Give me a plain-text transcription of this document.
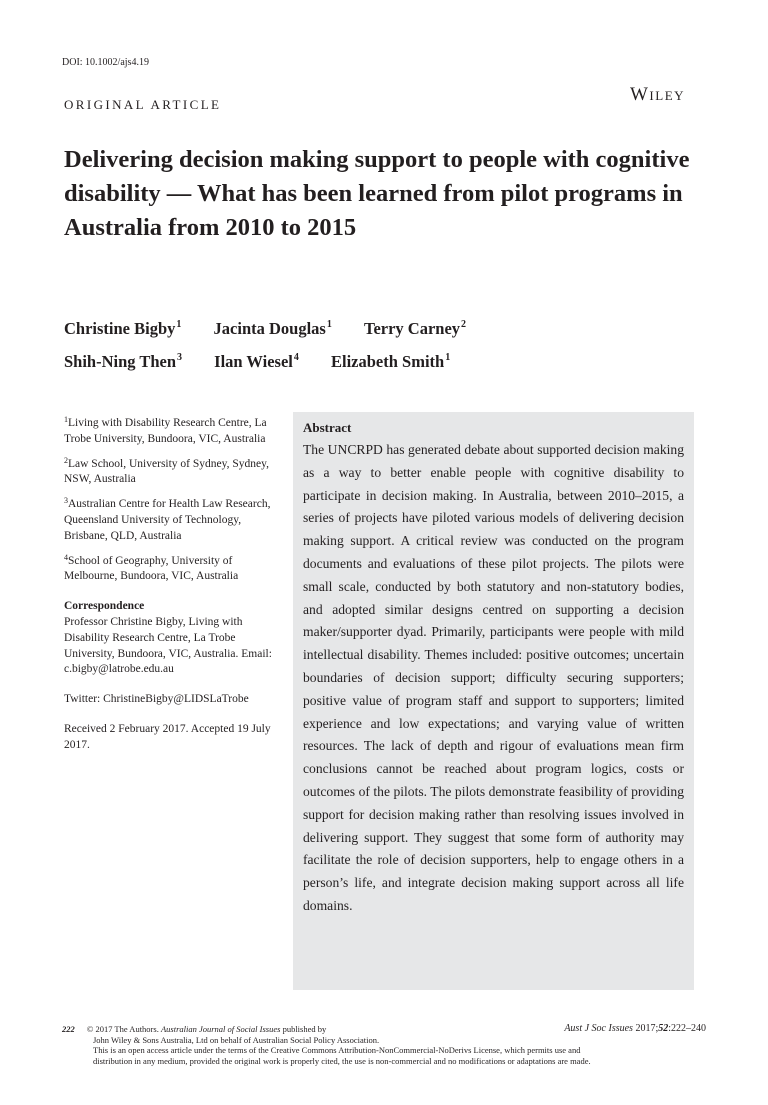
DOI: 10.1002/ajs4.19
ORIGINAL ARTICLE	Wiley
Delivering decision making support to people with cognitive disability — What has been learned from pilot programs in Australia from 2010 to 2015
Christine Bigby$^1$ Jacinta Douglas$^1$ Terry Carney$^2$
Shih-Ning Then$^3$ Ilan Wiesel$^4$ Elizabeth Smith$^1$
$^1$Living with Disability Research Centre, La Trobe University, Bundoora, VIC, Australia
$^2$Law School, University of Sydney, Sydney, NSW, Australia
$^3$Australian Centre for Health Law Research, Queensland University of Technology, Brisbane, QLD, Australia
$^4$School of Geography, University of Melbourne, Bundoora, VIC, Australia
Correspondence
Professor Christine Bigby, Living with Disability Research Centre, La Trobe University, Bundoora, VIC, Australia. Email: c.bigby@latrobe.edu.au
Twitter: ChristineBigby@LIDSLaTrobe
Received 2 February 2017. Accepted 19 July 2017.

Abstract

The UNCRPD has generated debate about supported decision making as a way to better enable people with cognitive disability to participate in decision making. In Australia, between 2010–2015, a series of projects have piloted various models of delivering decision making support. A critical review was conducted on the program documents and evaluations of these pilot projects. The pilots were small scale, conducted by both statutory and non-statutory bodies, and adopted similar designs centred on supporting a decision maker/supporter dyad. Primarily, participants were people with mild intellectual disability. Themes included: positive outcomes; uncertain boundaries of decision support; difficulty securing supporters; positive value of program staff and support to supporters; limited experience and low expectations; and varying value of written resources. The lack of depth and rigour of evaluations mean firm conclusions cannot be reached about program logics, costs or outcomes of the pilots. The pilots demonstrate feasibility of providing support for decision making rather than resolving issues involved in delivering support. They suggest that some form of authority may facilitate the role of decision supporters, help to engage others in a person’s life, and integrate decision making support across all life domains.

222 © 2017 The Authors. Australian Journal of Social Issues published by	Aust J Soc Issues 2017;52:222–240
John Wiley & Sons Australia, Ltd on behalf of Australian Social Policy Association.
This is an open access article under the terms of the Creative Commons Attribution-NonCommercial-NoDerivs License, which permits use and
distribution in any medium, provided the original work is properly cited, the use is non-commercial and no modifications or adaptations are made.
